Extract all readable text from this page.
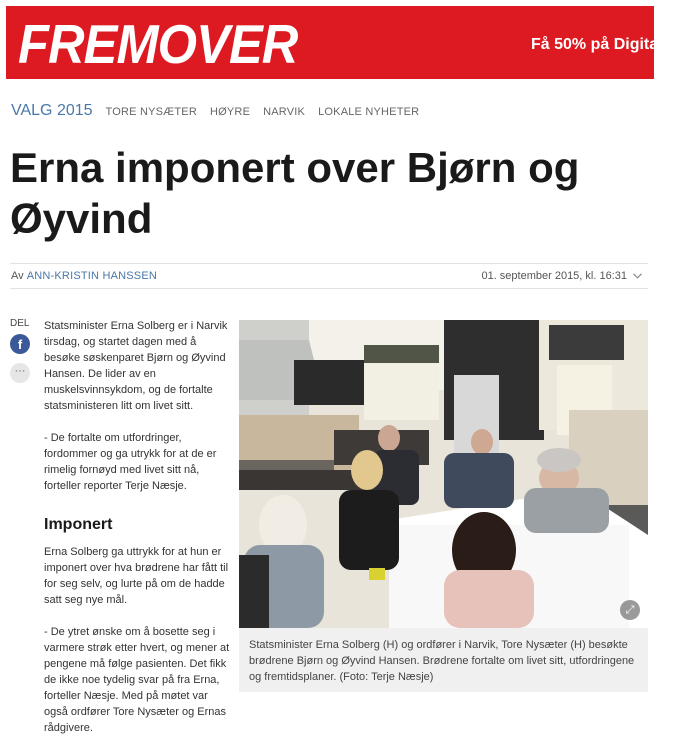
FREMOVER	Få 50% på Digitalt A
VALG 2015 TORE NYSÆTER HØYRE NARVIK LOKALE NYHETER
Erna imponert over Bjørn og Øyvind
Av ANN-KRISTIN HANSSEN	01. september 2015, kl. 16:31
DEL
f
···

Statsminister Erna Solberg er i Narvik tirsdag, og startet dagen med å besøke søskenparet Bjørn og Øyvind Hansen. De lider av en muskelsvinnsykdom, og de fortalte statsministeren litt om livet sitt.

- De fortalte om utfordringer, fordommer og ga utrykk for at de er rimelig fornøyd med livet sitt nå, forteller reporter Terje Næsje.

Imponert

Erna Solberg ga uttrykk for at hun er imponert over hva brødrene har fått til for seg selv, og lurte på om de hadde satt seg nye mål.

- De ytret ønske om å bosette seg i varmere strøk etter hvert, og mener at pengene må følge pasienten. Det fikk de ikke noe tydelig svar på fra Erna, forteller Næsje. Med på møtet var også ordfører Tore Nysæter og Ernas rådgivere.

⤢

Statsminister Erna Solberg (H) og ordfører i Narvik, Tore Nysæter (H) besøkte brødrene Bjørn og Øyvind Hansen. Brødrene fortalte om livet sitt, utfordringene og fremtidsplaner. (Foto: Terje Næsje)
